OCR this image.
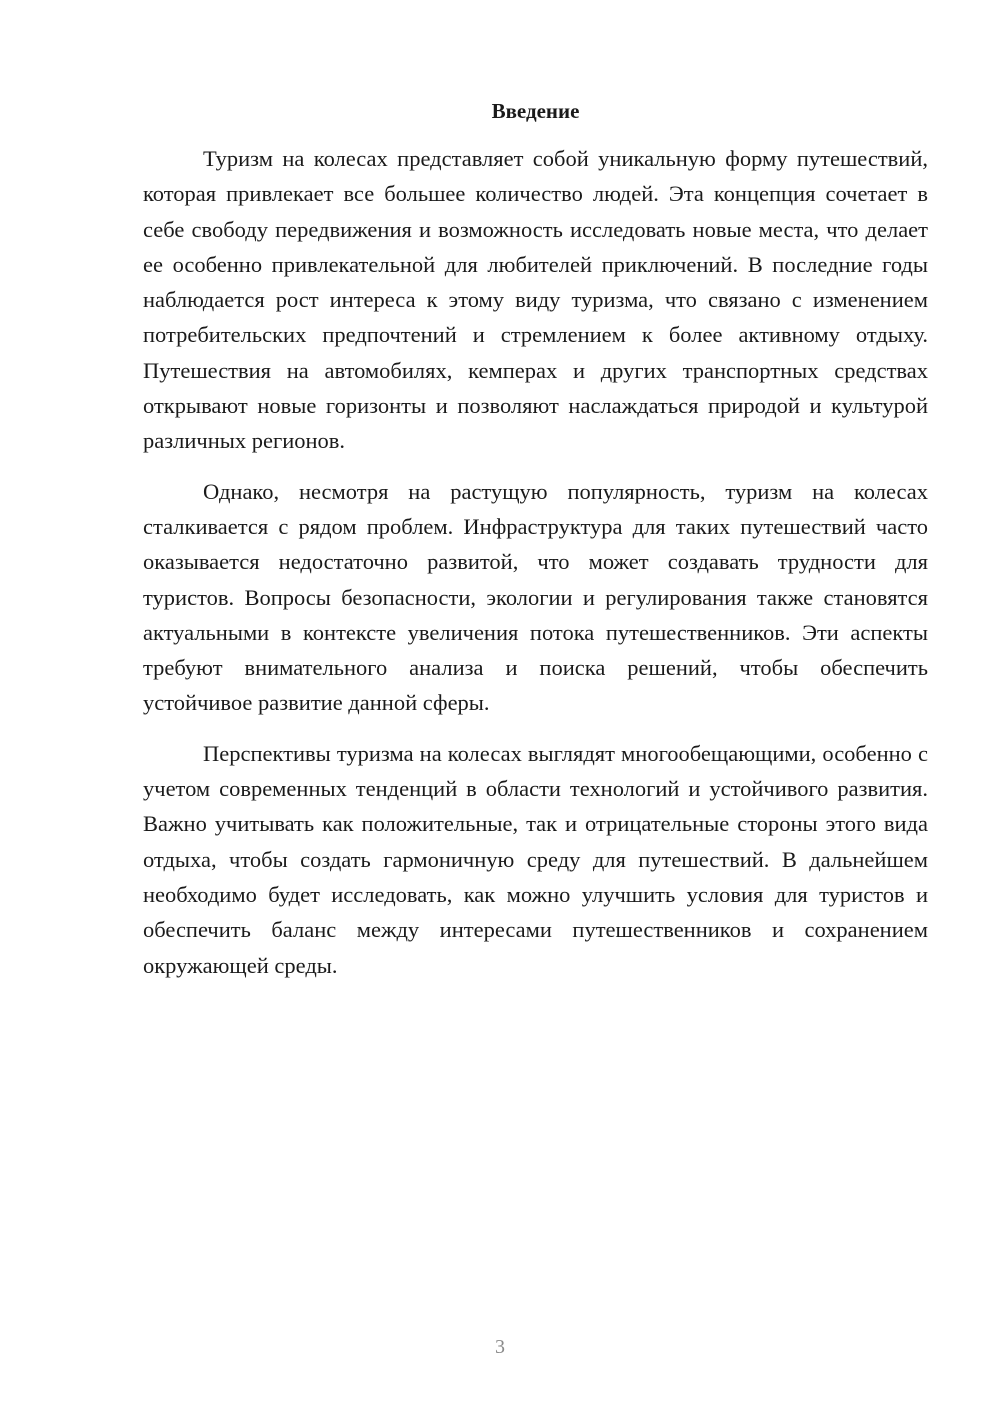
Введение

Туризм на колесах представляет собой уникальную форму путешествий, которая привлекает все большее количество людей. Эта концепция сочетает в себе свободу передвижения и возможность исследовать новые места, что делает ее особенно привлекательной для любителей приключений. В последние годы наблюдается рост интереса к этому виду туризма, что связано с изменением потребительских предпочтений и стремлением к более активному отдыху. Путешествия на автомобилях, кемперах и других транспортных средствах открывают новые горизонты и позволяют наслаждаться природой и культурой различных регионов.

Однако, несмотря на растущую популярность, туризм на колесах сталкивается с рядом проблем. Инфраструктура для таких путешествий часто оказывается недостаточно развитой, что может создавать трудности для туристов. Вопросы безопасности, экологии и регулирования также становятся актуальными в контексте увеличения потока путешественников. Эти аспекты требуют внимательного анализа и поиска решений, чтобы обеспечить устойчивое развитие данной сферы.

Перспективы туризма на колесах выглядят многообещающими, особенно с учетом современных тенденций в области технологий и устойчивого развития. Важно учитывать как положительные, так и отрицательные стороны этого вида отдыха, чтобы создать гармоничную среду для путешествий. В дальнейшем необходимо будет исследовать, как можно улучшить условия для туристов и обеспечить баланс между интересами путешественников и сохранением окружающей среды.

3
